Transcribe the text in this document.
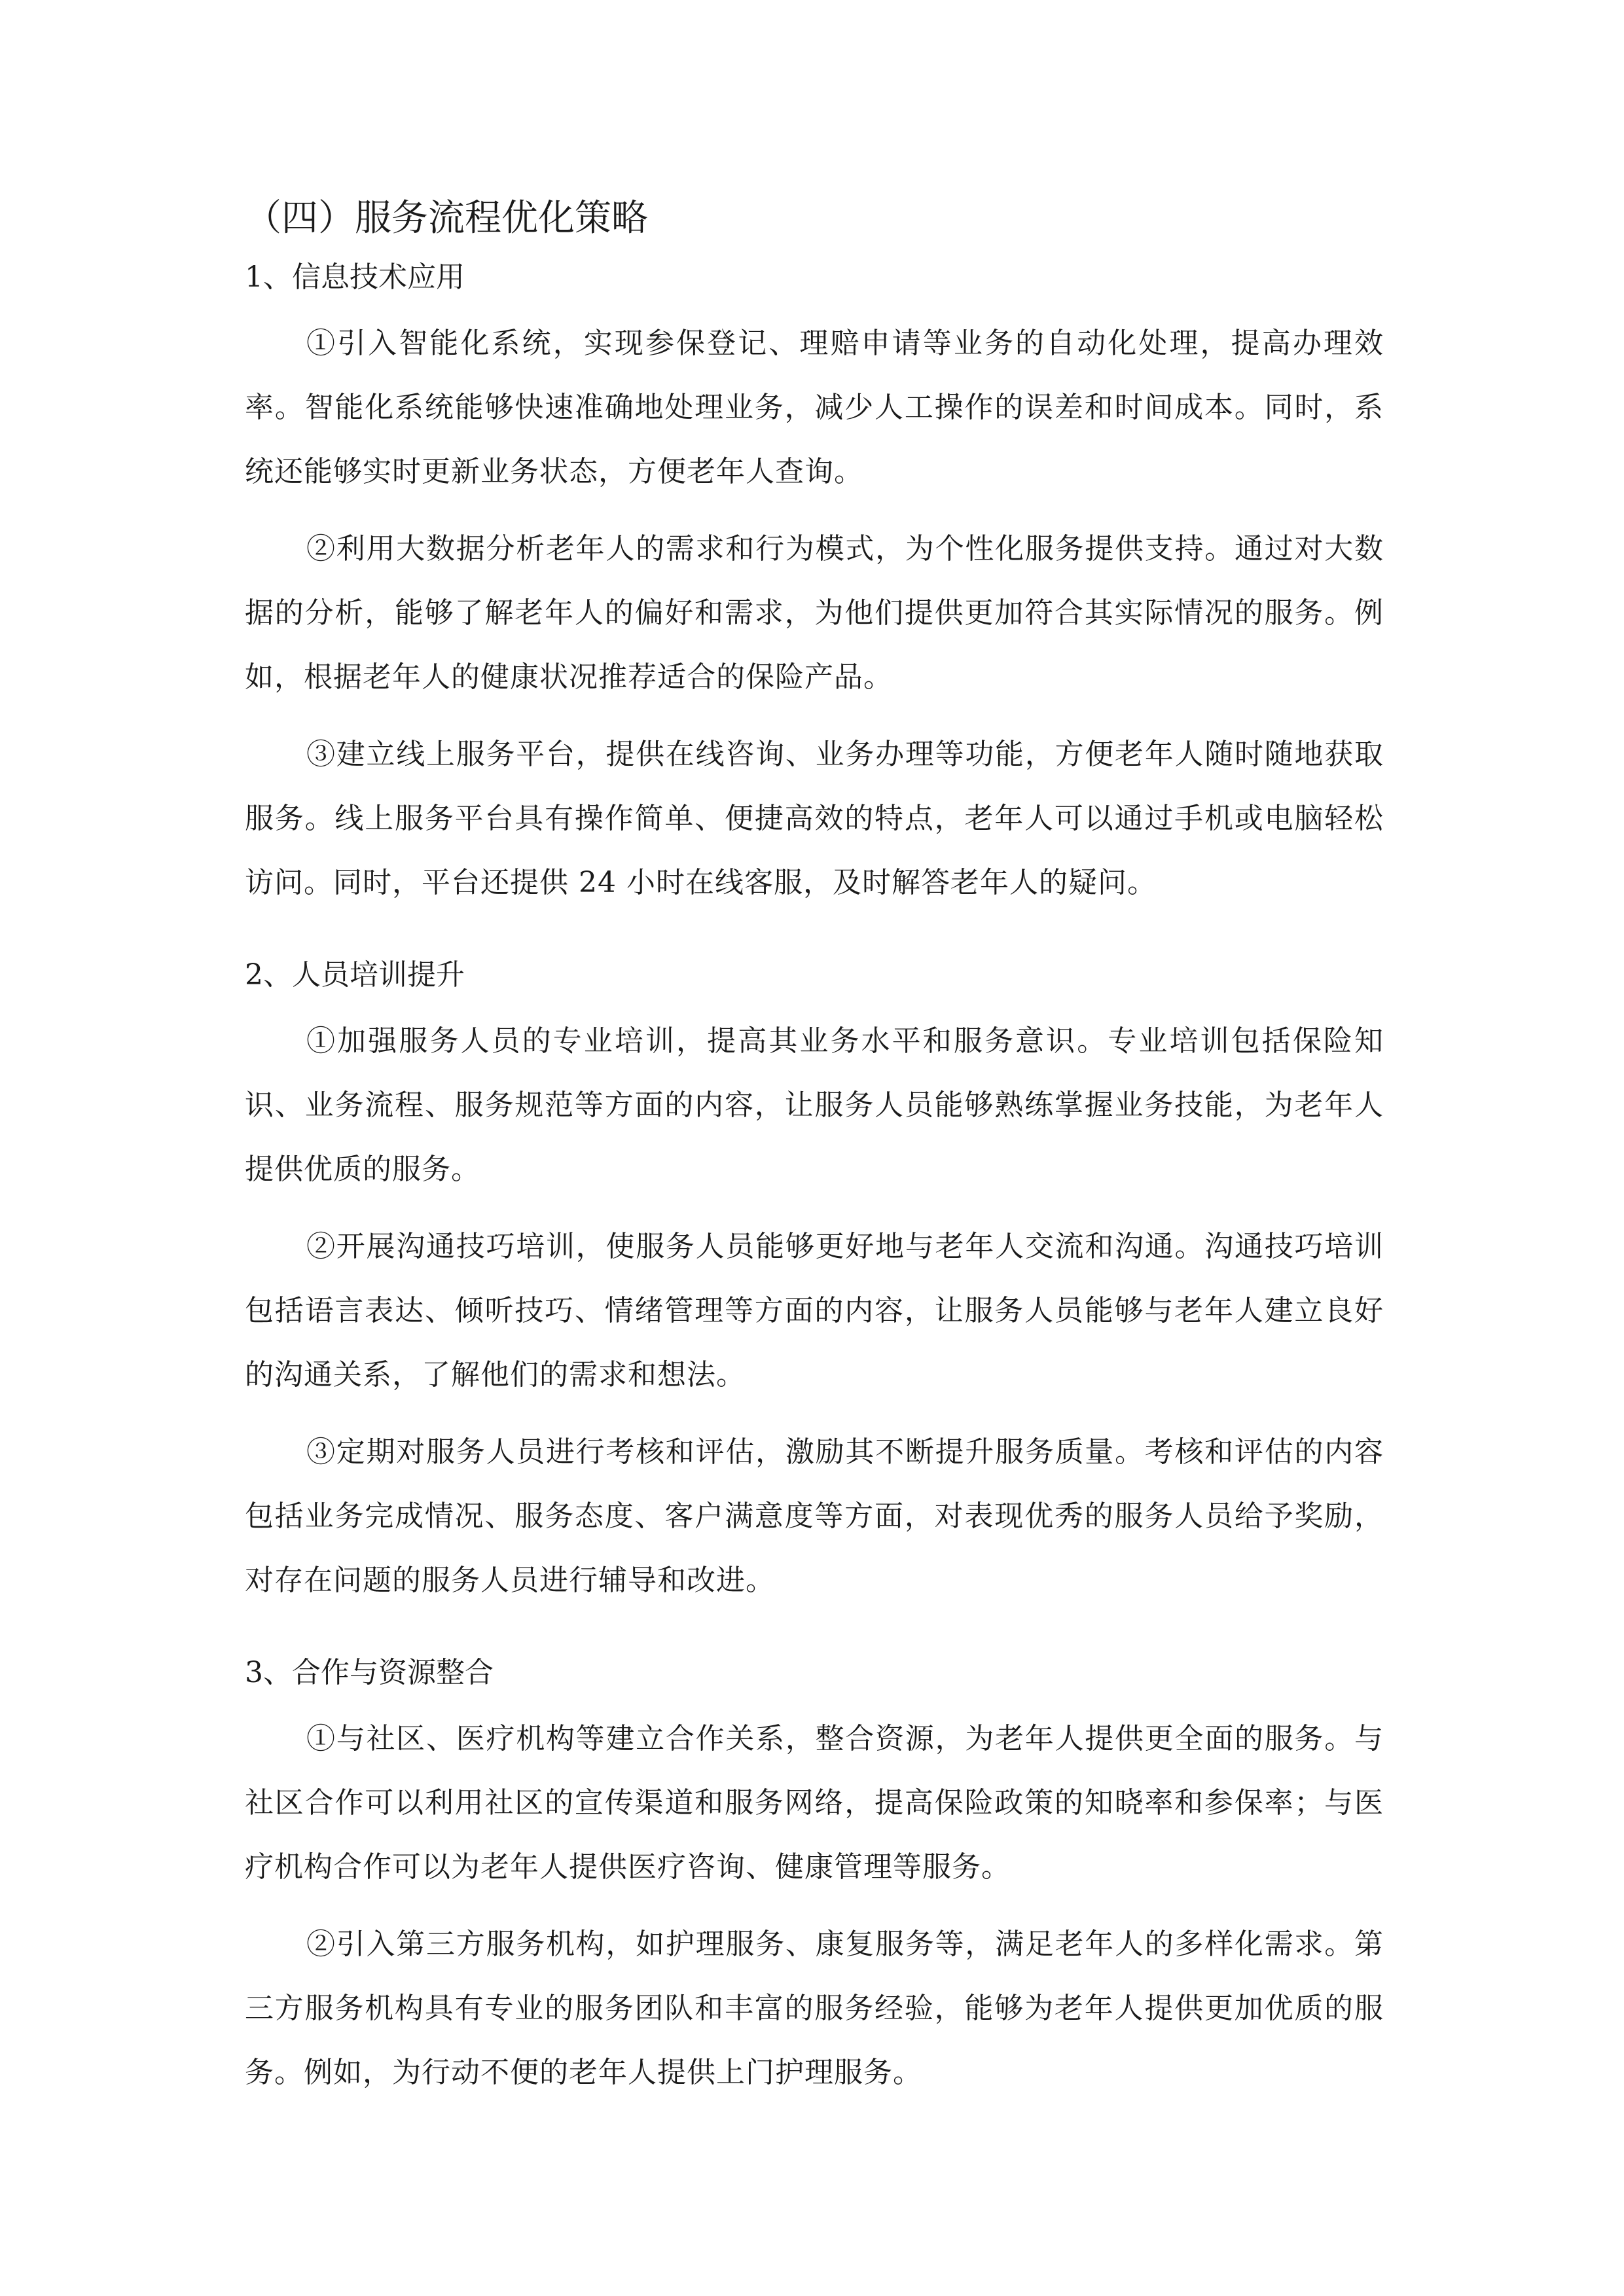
（四）服务流程优化策略
1、信息技术应用

①引入智能化系统，实现参保登记、理赔申请等业务的自动化处理，提高办理效率。智能化系统能够快速准确地处理业务，减少人工操作的误差和时间成本。同时，系统还能够实时更新业务状态，方便老年人查询。

②利用大数据分析老年人的需求和行为模式，为个性化服务提供支持。通过对大数据的分析，能够了解老年人的偏好和需求，为他们提供更加符合其实际情况的服务。例如，根据老年人的健康状况推荐适合的保险产品。

③建立线上服务平台，提供在线咨询、业务办理等功能，方便老年人随时随地获取服务。线上服务平台具有操作简单、便捷高效的特点，老年人可以通过手机或电脑轻松访问。同时，平台还提供 24 小时在线客服，及时解答老年人的疑问。

2、人员培训提升

①加强服务人员的专业培训，提高其业务水平和服务意识。专业培训包括保险知识、业务流程、服务规范等方面的内容，让服务人员能够熟练掌握业务技能，为老年人提供优质的服务。

②开展沟通技巧培训，使服务人员能够更好地与老年人交流和沟通。沟通技巧培训包括语言表达、倾听技巧、情绪管理等方面的内容，让服务人员能够与老年人建立良好的沟通关系，了解他们的需求和想法。

③定期对服务人员进行考核和评估，激励其不断提升服务质量。考核和评估的内容包括业务完成情况、服务态度、客户满意度等方面，对表现优秀的服务人员给予奖励，对存在问题的服务人员进行辅导和改进。

3、合作与资源整合

①与社区、医疗机构等建立合作关系，整合资源，为老年人提供更全面的服务。与社区合作可以利用社区的宣传渠道和服务网络，提高保险政策的知晓率和参保率；与医疗机构合作可以为老年人提供医疗咨询、健康管理等服务。

②引入第三方服务机构，如护理服务、康复服务等，满足老年人的多样化需求。第三方服务机构具有专业的服务团队和丰富的服务经验，能够为老年人提供更加优质的服务。例如，为行动不便的老年人提供上门护理服务。
